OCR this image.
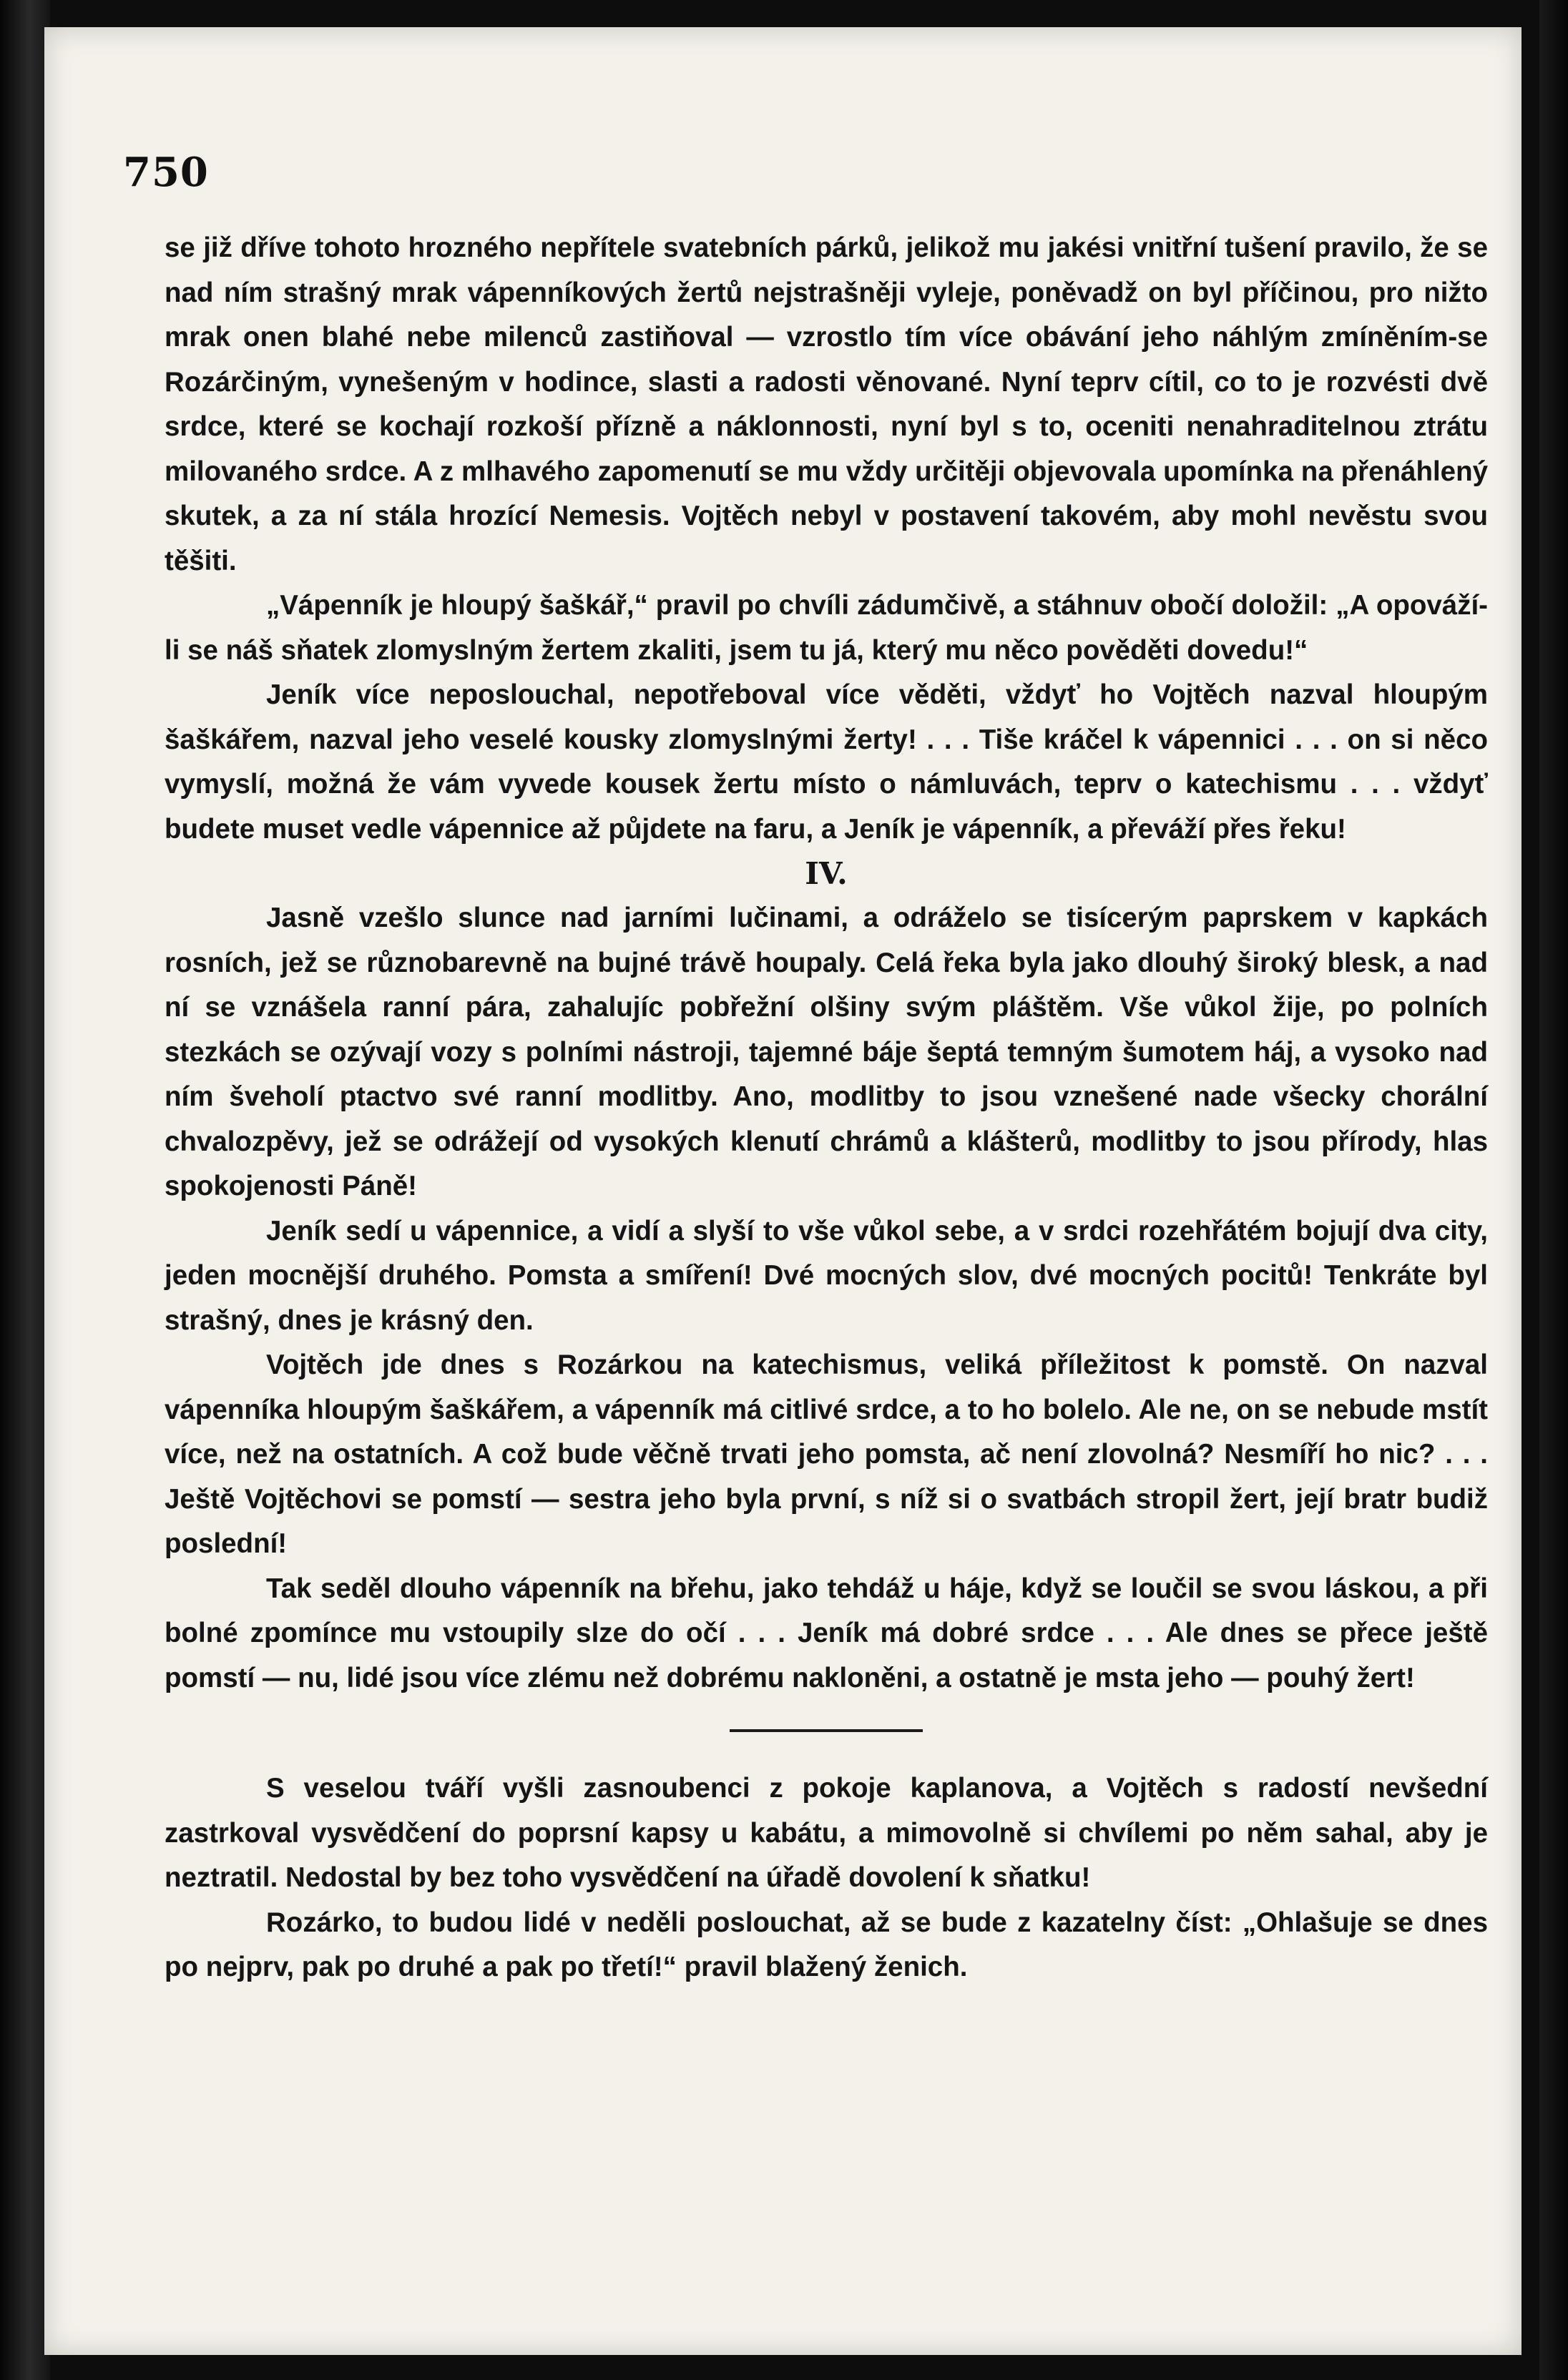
750

se již dříve tohoto hrozného nepřítele svatebních párků, jelikož mu jakési vnitřní tušení pravilo, že se nad ním strašný mrak vápenníkových žertů nejstrašněji vyleje, poněvadž on byl příčinou, pro nižto mrak onen blahé nebe milenců zastiňoval — vzrostlo tím více obávání jeho náhlým zmíněním-se Rozárčiným, vynešeným v hodince, slasti a radosti věnované. Nyní teprv cítil, co to je rozvésti dvě srdce, které se kochají rozkoší přízně a náklonnosti, nyní byl s to, oceniti nenahraditelnou ztrátu milovaného srdce. A z mlhavého zapomenutí se mu vždy určitěji objevovala upomínka na přenáhlený skutek, a za ní stála hrozící Nemesis. Vojtěch nebyl v postavení takovém, aby mohl nevěstu svou těšiti.

„Vápenník je hloupý šaškář,“ pravil po chvíli zádumčivě, a stáhnuv obočí doložil: „A opováží-li se náš sňatek zlomyslným žertem zkaliti, jsem tu já, který mu něco pověděti dovedu!“

Jeník více neposlouchal, nepotřeboval více věděti, vždyť ho Vojtěch nazval hloupým šaškářem, nazval jeho veselé kousky zlomyslnými žerty! . . . Tiše kráčel k vápennici . . . on si něco vymyslí, možná že vám vyvede kousek žertu místo o námluvách, teprv o katechismu . . . vždyť budete muset vedle vápennice až půjdete na faru, a Jeník je vápenník, a převáží přes řeku!

IV.

Jasně vzešlo slunce nad jarními lučinami, a odráželo se tisícerým paprskem v kapkách rosních, jež se různobarevně na bujné trávě houpaly. Celá řeka byla jako dlouhý široký blesk, a nad ní se vznášela ranní pára, zahalujíc pobřežní olšiny svým pláštěm. Vše vůkol žije, po polních stezkách se ozývají vozy s polními nástroji, tajemné báje šeptá temným šumotem háj, a vysoko nad ním šveholí ptactvo své ranní modlitby. Ano, modlitby to jsou vznešené nade všecky chorální chvalozpěvy, jež se odrážejí od vysokých klenutí chrámů a klášterů, modlitby to jsou přírody, hlas spokojenosti Páně!

Jeník sedí u vápennice, a vidí a slyší to vše vůkol sebe, a v srdci rozehřátém bojují dva city, jeden mocnější druhého. Pomsta a smíření! Dvé mocných slov, dvé mocných pocitů! Tenkráte byl strašný, dnes je krásný den.

Vojtěch jde dnes s Rozárkou na katechismus, veliká příležitost k pomstě. On nazval vápenníka hloupým šaškářem, a vápenník má citlivé srdce, a to ho bolelo. Ale ne, on se nebude mstít více, než na ostatních. A což bude věčně trvati jeho pomsta, ač není zlovolná? Nesmíří ho nic? . . . Ještě Vojtěchovi se pomstí — sestra jeho byla první, s níž si o svatbách stropil žert, její bratr budiž poslední!

Tak seděl dlouho vápenník na břehu, jako tehdáž u háje, když se loučil se svou láskou, a při bolné zpomínce mu vstoupily slze do očí . . . Jeník má dobré srdce . . . Ale dnes se přece ještě pomstí — nu, lidé jsou více zlému než dobrému nakloněni, a ostatně je msta jeho — pouhý žert!

S veselou tváří vyšli zasnoubenci z pokoje kaplanova, a Vojtěch s radostí nevšední zastrkoval vysvědčení do poprsní kapsy u kabátu, a mimovolně si chvílemi po něm sahal, aby je neztratil. Nedostal by bez toho vysvědčení na úřadě dovolení k sňatku!

Rozárko, to budou lidé v neděli poslouchat, až se bude z kazatelny číst: „Ohlašuje se dnes po nejprv, pak po druhé a pak po třetí!“ pravil blažený ženich.
